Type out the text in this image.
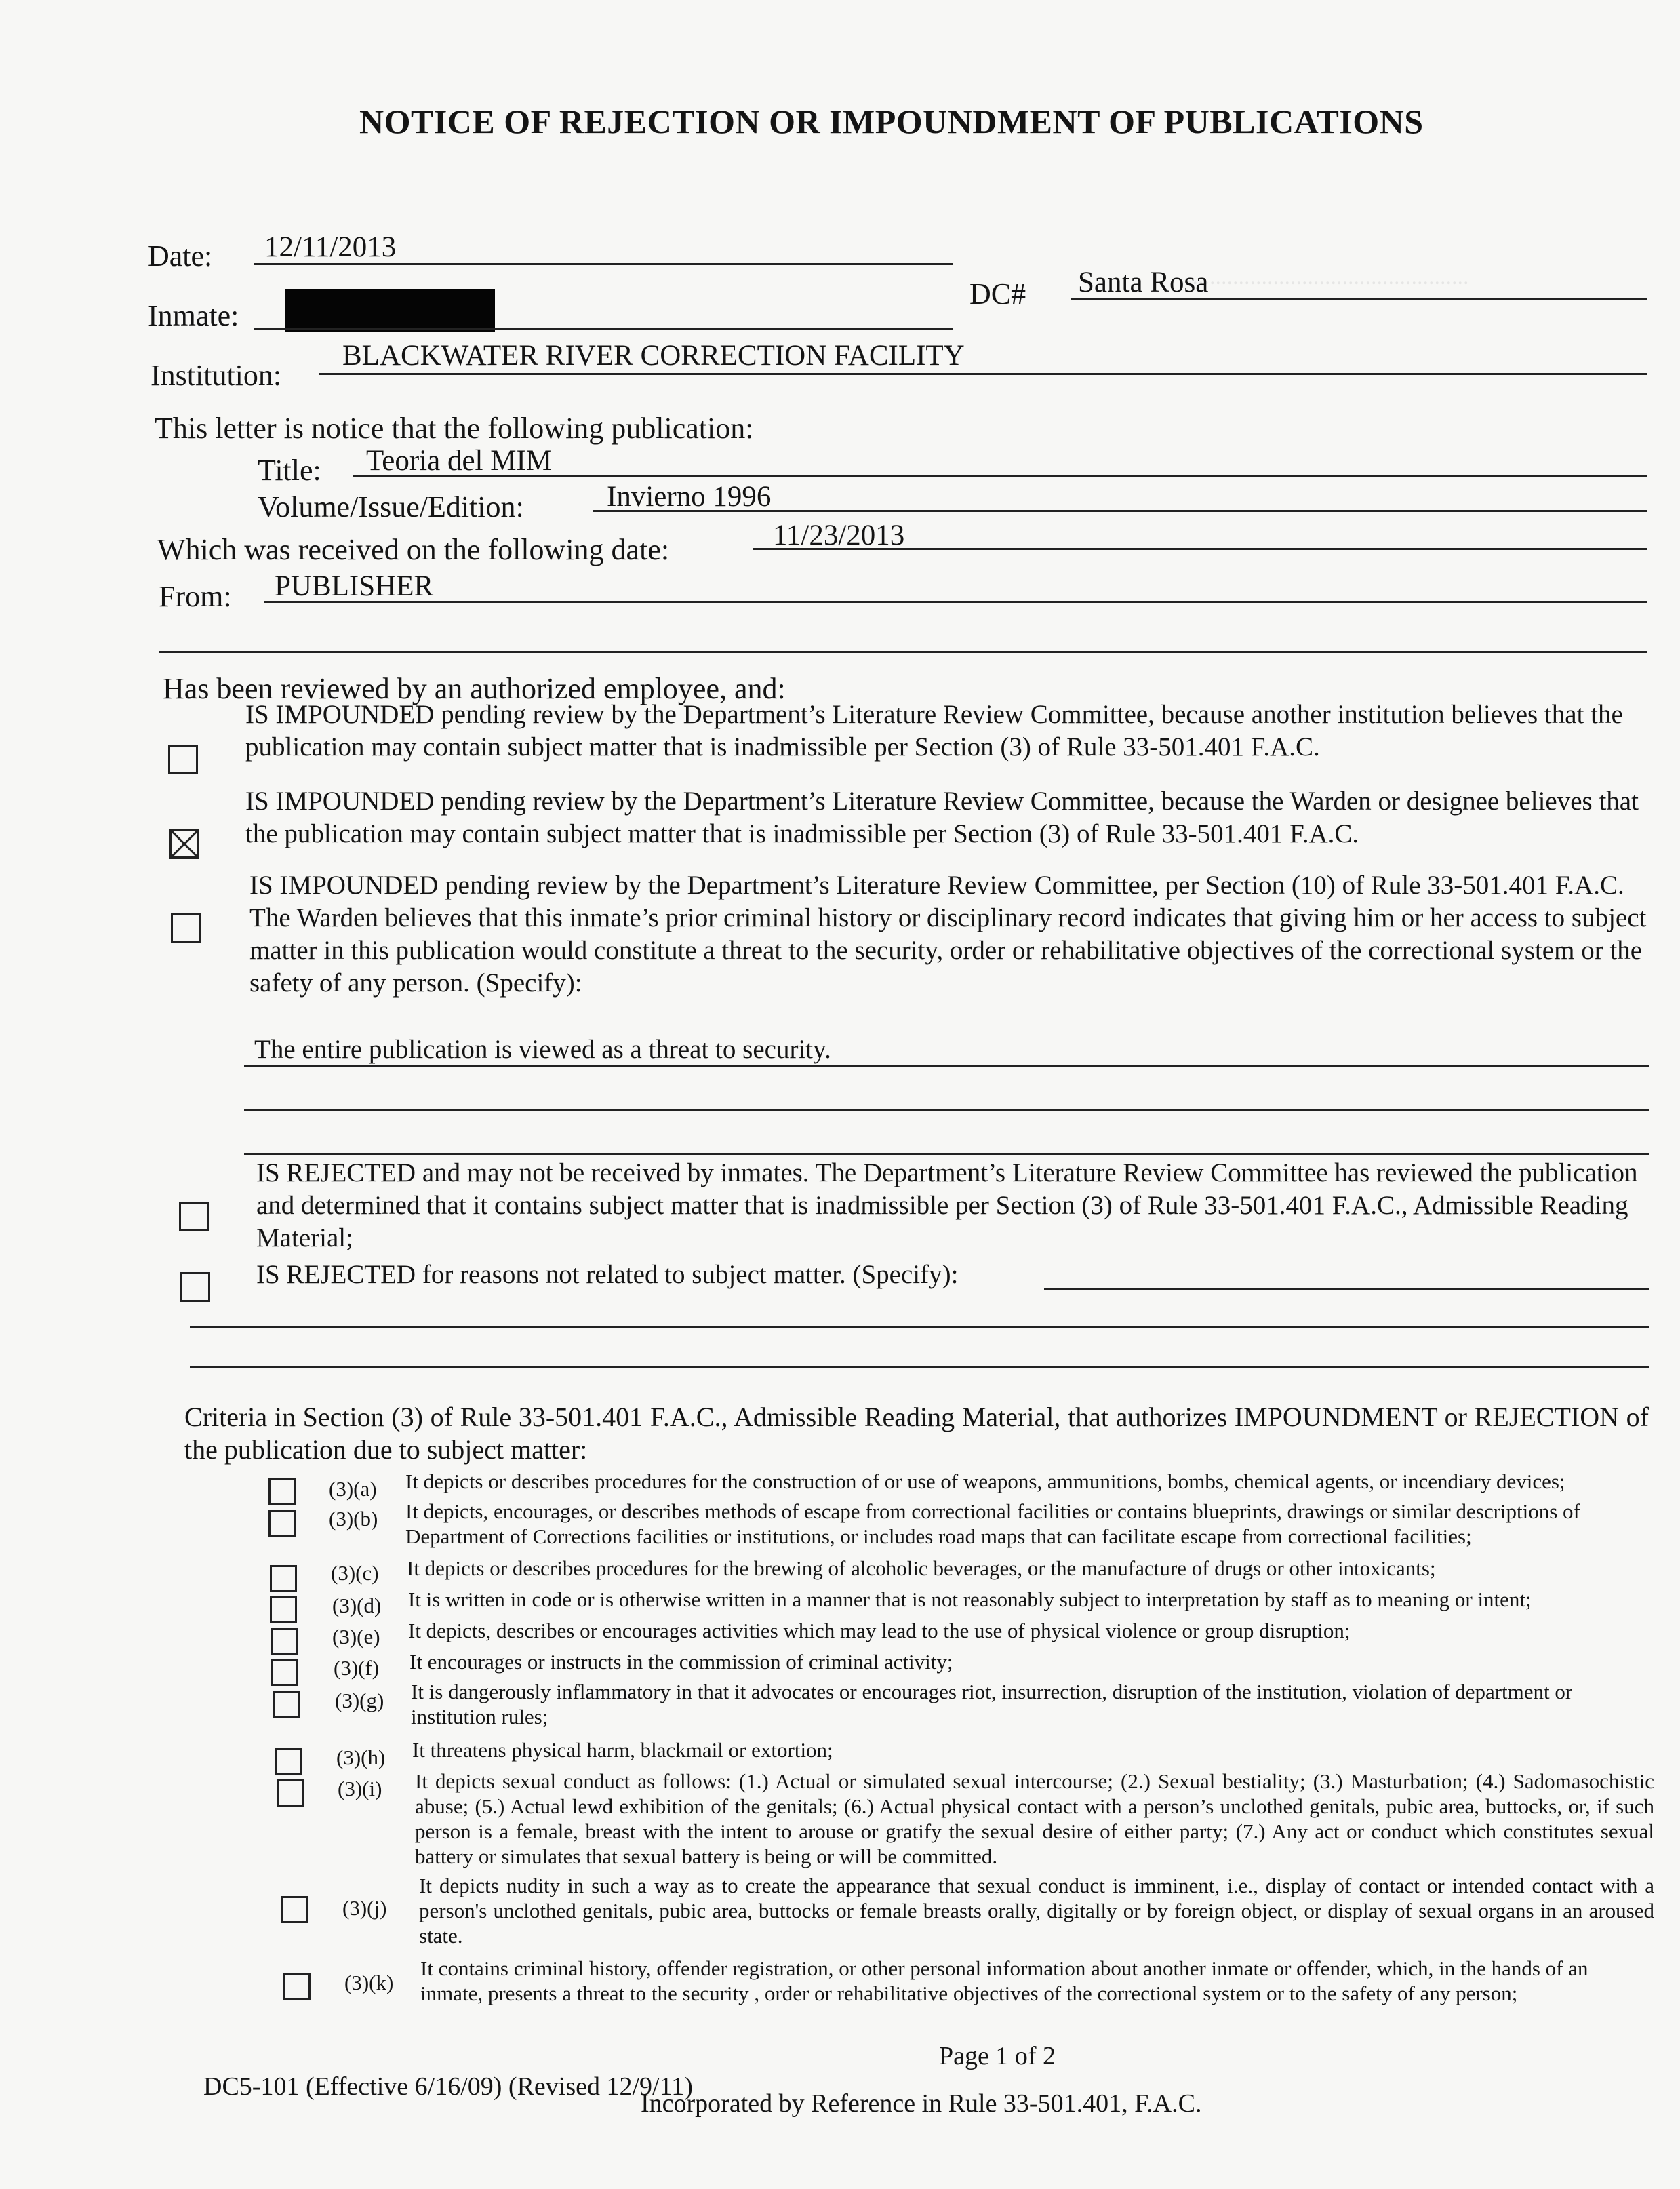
.................................................
NOTICE OF REJECTION OR IMPOUNDMENT OF PUBLICATIONS
Date: 12/11/2013
Inmate:
DC# Santa Rosa
Institution:
BLACKWATER RIVER CORRECTION FACILITY
This letter is notice that the following publication:
Title: Teoria del MIM
Volume/Issue/Edition:	Invierno 1996
Which was received on the following date:	11/23/2013
From: PUBLISHER
Has been reviewed by an authorized employee, and:
IS IMPOUNDED pending review by the Department’s Literature Review Committee, because another institution believes that the publication may contain subject matter that is inadmissible per Section (3) of Rule 33-501.401 F.A.C.
IS IMPOUNDED pending review by the Department’s Literature Review Committee, because the Warden or designee believes that the publication may contain subject matter that is inadmissible per Section (3) of Rule 33-501.401 F.A.C.
IS IMPOUNDED pending review by the Department’s Literature Review Committee, per Section (10) of Rule 33-501.401 F.A.C. The Warden believes that this inmate’s prior criminal history or disciplinary record indicates that giving him or her access to subject matter in this publication would constitute a threat to the security, order or rehabilitative objectives of the correctional system or the safety of any person. (Specify):
The entire publication is viewed as a threat to security.
IS REJECTED and may not be received by inmates. The Department’s Literature Review Committee has reviewed the publication and determined that it contains subject matter that is inadmissible per Section (3) of Rule 33-501.401 F.A.C., Admissible Reading Material;
IS REJECTED for reasons not related to subject matter. (Specify):
Criteria in Section (3) of Rule 33-501.401 F.A.C., Admissible Reading Material, that authorizes IMPOUNDMENT or REJECTION of the publication due to subject matter:
(3)(a) It depicts or describes procedures for the construction of or use of weapons, ammunitions, bombs, chemical agents, or incendiary devices;
(3)(b) It depicts, encourages, or describes methods of escape from correctional facilities or contains blueprints, drawings or similar descriptions of Department of Corrections facilities or institutions, or includes road maps that can facilitate escape from correctional facilities;
(3)(c) It depicts or describes procedures for the brewing of alcoholic beverages, or the manufacture of drugs or other intoxicants;
(3)(d) It is written in code or is otherwise written in a manner that is not reasonably subject to interpretation by staff as to meaning or intent;
(3)(e) It depicts, describes or encourages activities which may lead to the use of physical violence or group disruption;
(3)(f) It encourages or instructs in the commission of criminal activity;
(3)(g) It is dangerously inflammatory in that it advocates or encourages riot, insurrection, disruption of the institution, violation of department or institution rules;
(3)(h) It threatens physical harm, blackmail or extortion;
(3)(i) It depicts sexual conduct as follows: (1.) Actual or simulated sexual intercourse; (2.) Sexual bestiality; (3.) Masturbation; (4.) Sadomasochistic abuse; (5.) Actual lewd exhibition of the genitals; (6.) Actual physical contact with a person’s unclothed genitals, pubic area, buttocks, or, if such person is a female, breast with the intent to arouse or gratify the sexual desire of either party; (7.) Any act or conduct which constitutes sexual battery or simulates that sexual battery is being or will be committed.
(3)(j)
It depicts nudity in such a way as to create the appearance that sexual conduct is imminent, i.e., display of contact or intended contact with a person's unclothed genitals, pubic area, buttocks or female breasts orally, digitally or by foreign object, or display of sexual organs in an aroused state.
(3)(k)
It contains criminal history, offender registration, or other personal information about another inmate or offender, which, in the hands of an inmate, presents a threat to the security , order or rehabilitative objectives of the correctional system or to the safety of any person;
DC5-101 (Effective 6/16/09) (Revised 12/9/11)
Page 1 of 2
Incorporated by Reference in Rule 33-501.401, F.A.C.
